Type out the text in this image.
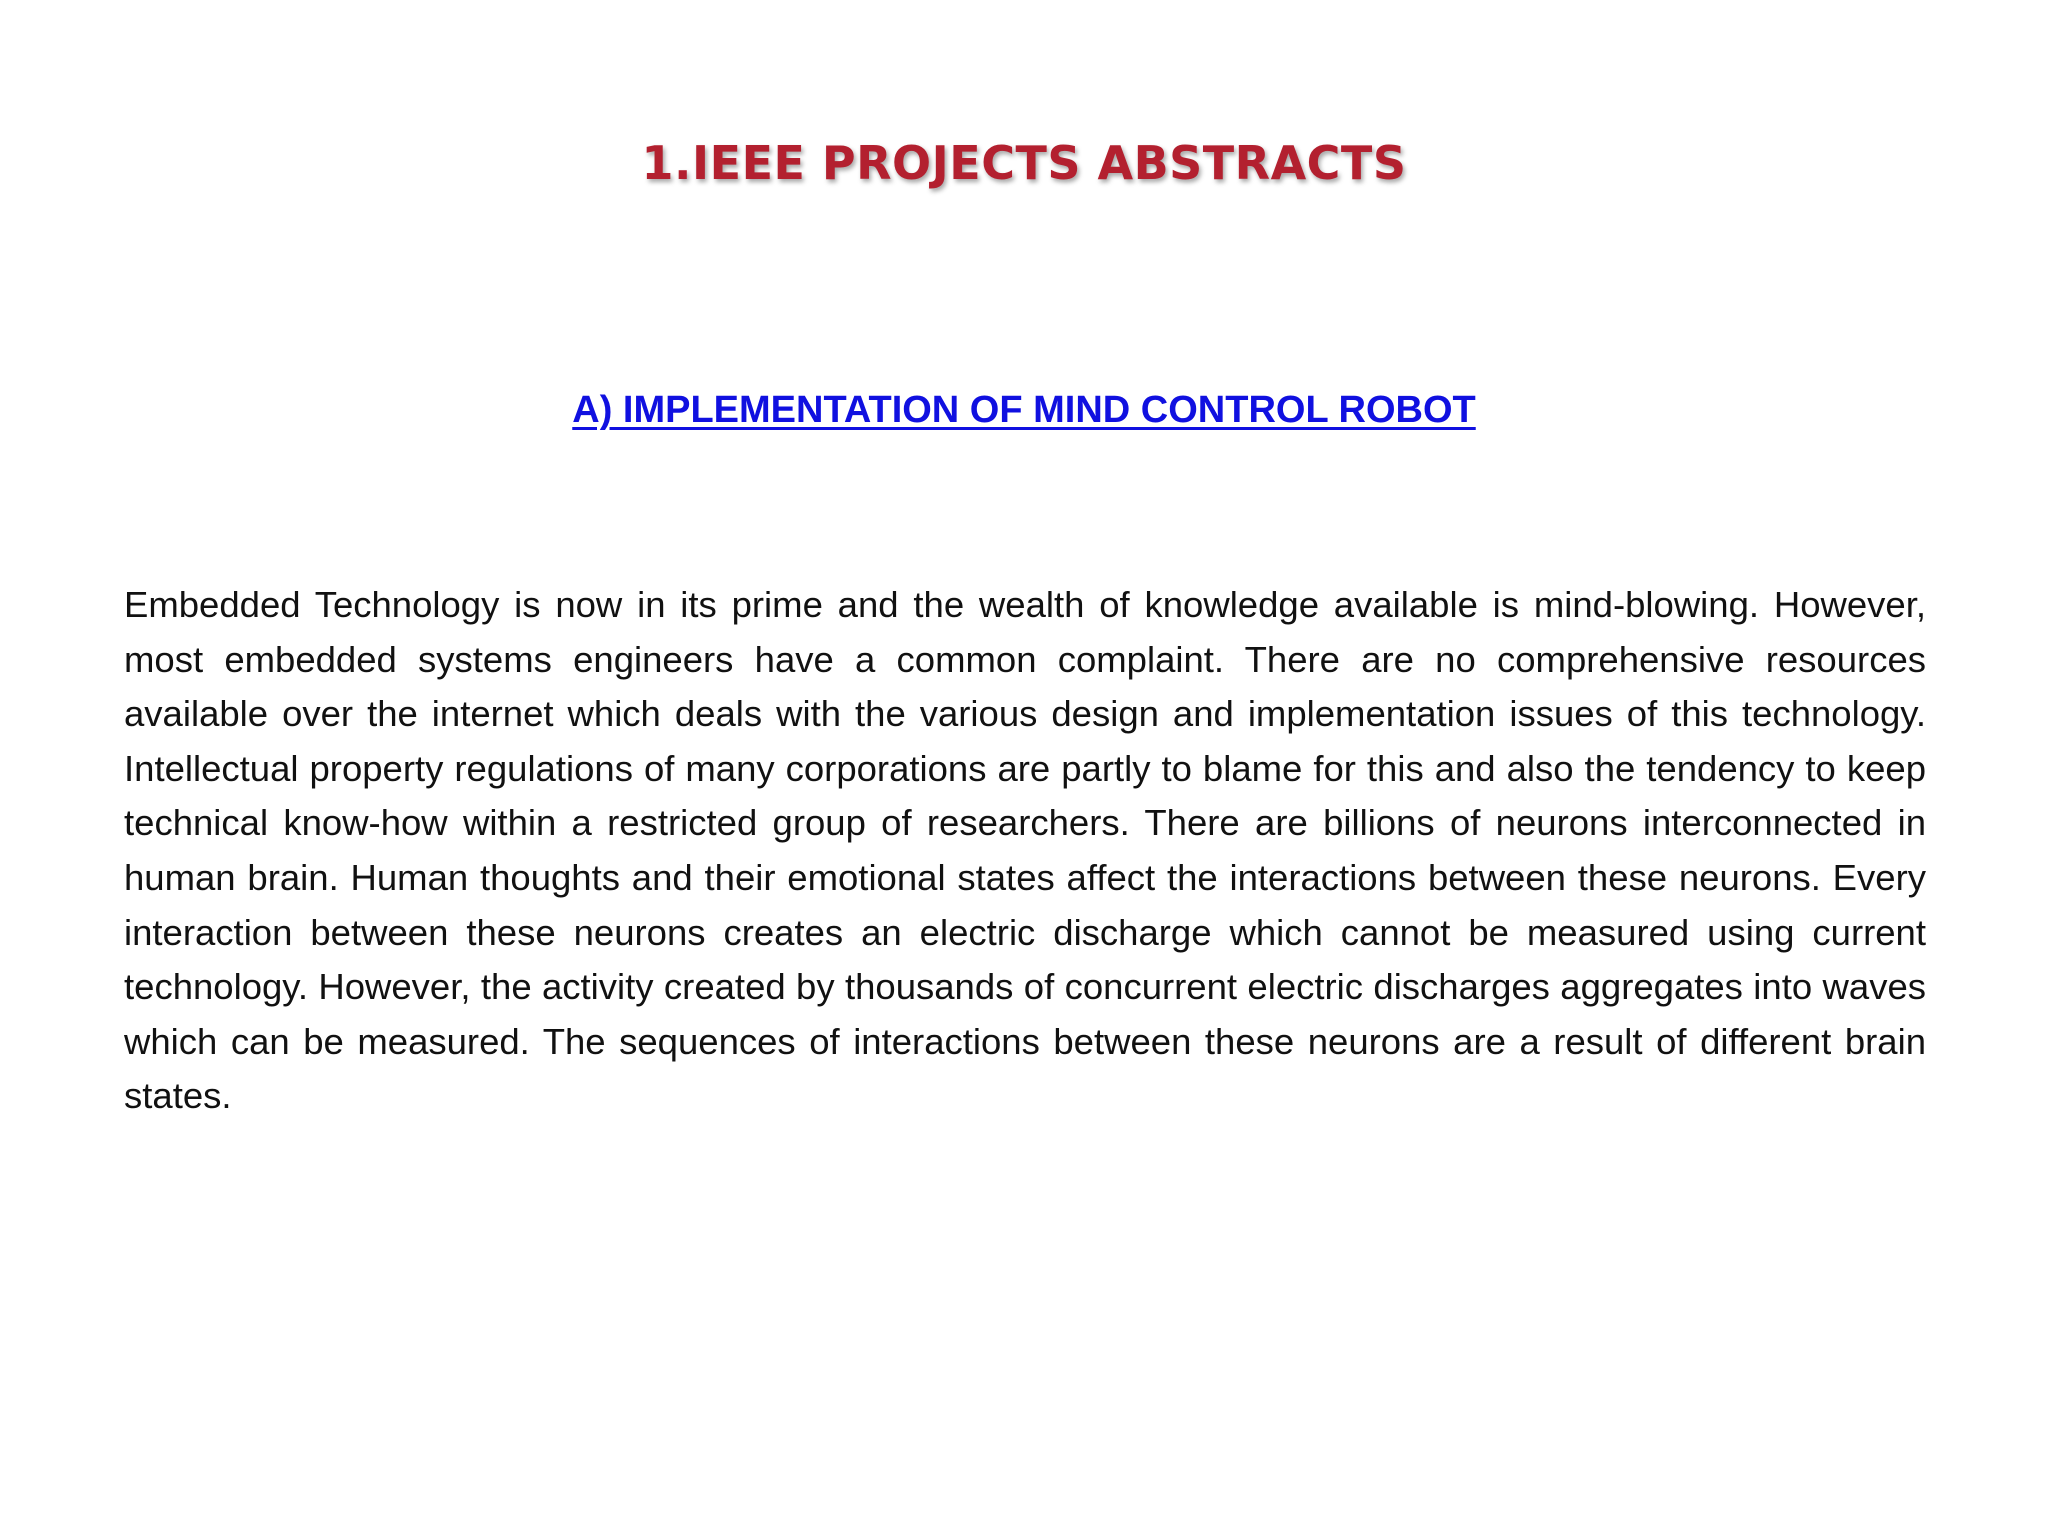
1.IEEE PROJECTS ABSTRACTS
A) IMPLEMENTATION OF MIND CONTROL ROBOT

Embedded Technology is now in its prime and the wealth of knowledge available is mind-blowing. However, most embedded systems engineers have a common complaint. There are no comprehensive resources available over the internet which deals with the various design and implementation issues of this technology. Intellectual property regulations of many corporations are partly to blame for this and also the tendency to keep technical know-how within a restricted group of researchers. There are billions of neurons interconnected in human brain. Human thoughts and their emotional states affect the interactions between these neurons. Every interaction between these neurons creates an electric discharge which cannot be measured using current technology. However, the activity created by thousands of concurrent electric discharges aggregates into waves which can be measured. The sequences of interactions between these neurons are a result of different brain states.
